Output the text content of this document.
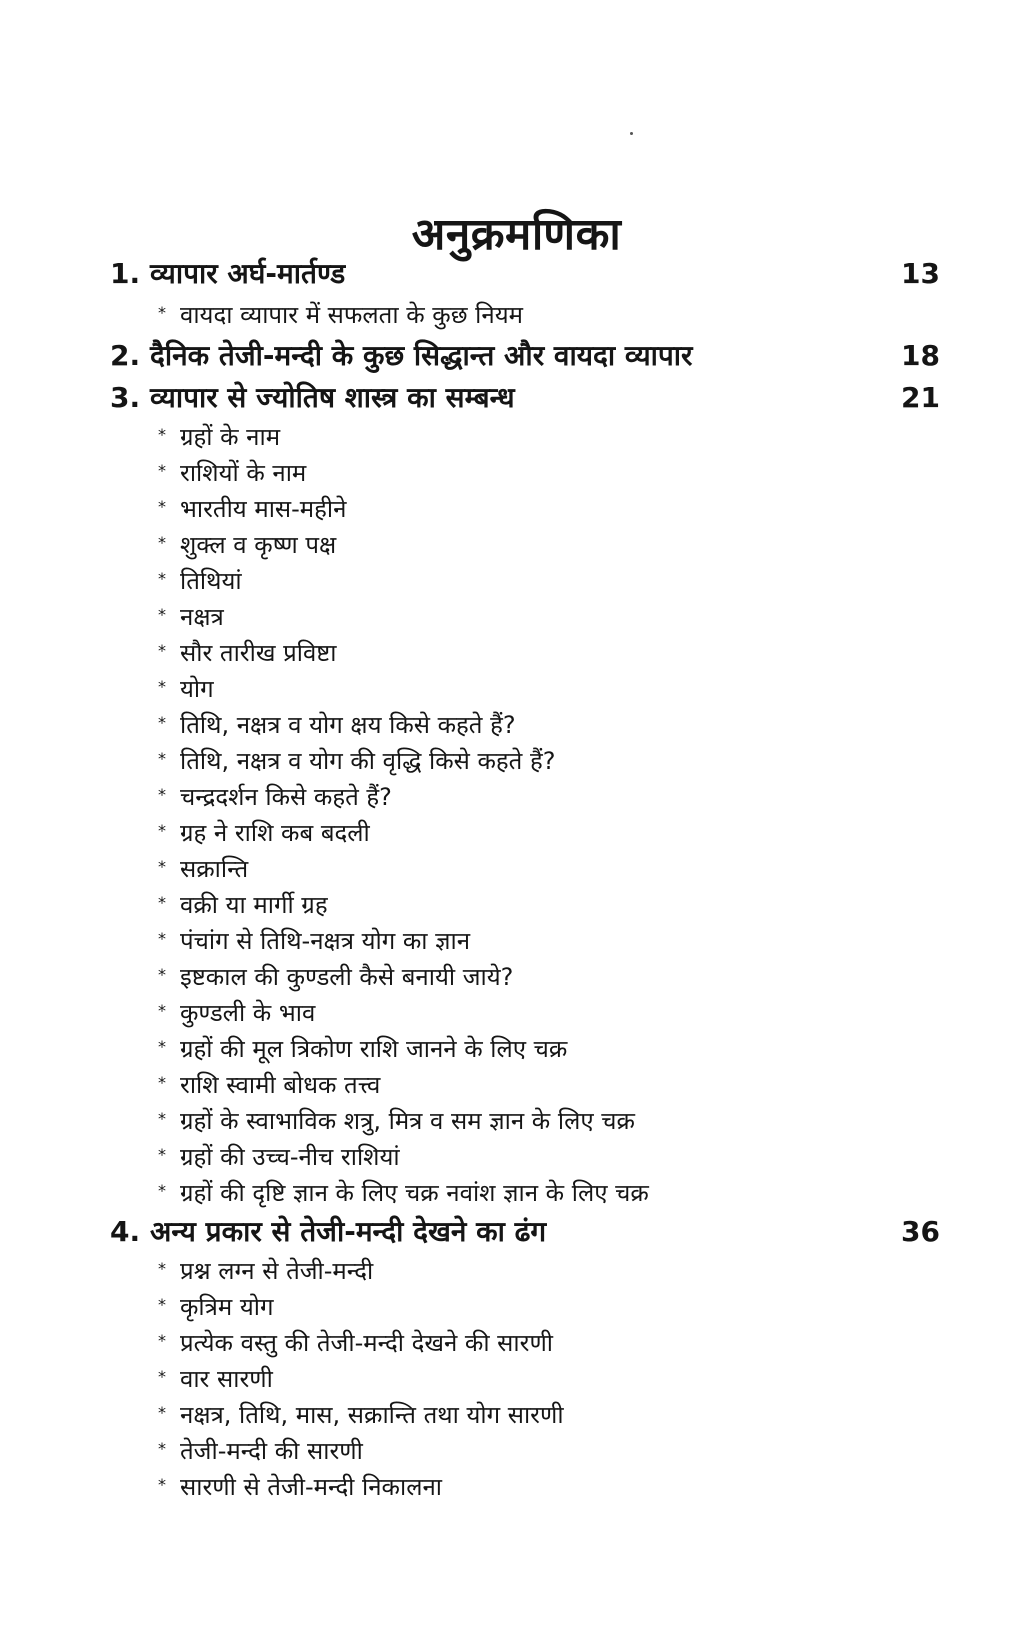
अनुक्रमणिका
1. व्यापार अर्घ-मार्तण्ड	13
* वायदा व्यापार में सफलता के कुछ नियम
2. दैनिक तेजी-मन्दी के कुछ सिद्धान्त और वायदा व्यापार	18
3. व्यापार से ज्योतिष शास्त्र का सम्बन्ध	21
* ग्रहों के नाम
* राशियों के नाम
* भारतीय मास-महीने
* शुक्ल व कृष्ण पक्ष
* तिथियां
* नक्षत्र
* सौर तारीख प्रविष्टा
* योग
* तिथि, नक्षत्र व योग क्षय किसे कहते हैं?
* तिथि, नक्षत्र व योग की वृद्धि किसे कहते हैं?
* चन्द्रदर्शन किसे कहते हैं?
* ग्रह ने राशि कब बदली
* सक्रान्ति
* वक्री या मार्गी ग्रह
* पंचांग से तिथि-नक्षत्र योग का ज्ञान
* इष्टकाल की कुण्डली कैसे बनायी जाये?
* कुण्डली के भाव
* ग्रहों की मूल त्रिकोण राशि जानने के लिए चक्र
* राशि स्वामी बोधक तत्त्व
* ग्रहों के स्वाभाविक शत्रु, मित्र व सम ज्ञान के लिए चक्र
* ग्रहों की उच्च-नीच राशियां
* ग्रहों की दृष्टि ज्ञान के लिए चक्र नवांश ज्ञान के लिए चक्र
4. अन्य प्रकार से तेजी-मन्दी देखने का ढंग	36
* प्रश्न लग्न से तेजी-मन्दी
* कृत्रिम योग
* प्रत्येक वस्तु की तेजी-मन्दी देखने की सारणी
* वार सारणी
* नक्षत्र, तिथि, मास, सक्रान्ति तथा योग सारणी
* तेजी-मन्दी की सारणी
* सारणी से तेजी-मन्दी निकालना
